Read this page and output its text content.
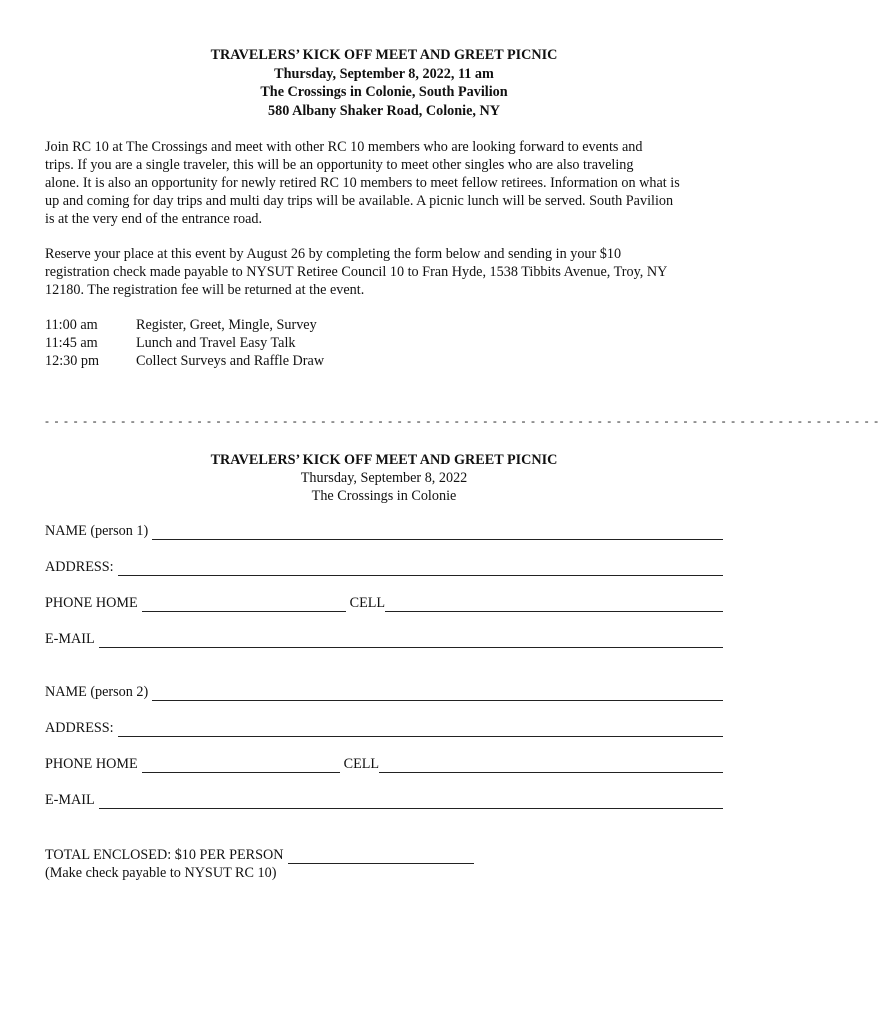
TRAVELERS’ KICK OFF MEET AND GREET PICNIC
Thursday, September 8, 2022, 11 am
The Crossings in Colonie, South Pavilion
580 Albany Shaker Road, Colonie, NY
Join RC 10 at The Crossings and meet with other RC 10 members who are looking forward to events and
trips. If you are a single traveler, this will be an opportunity to meet other singles who are also traveling
alone. It is also an opportunity for newly retired RC 10 members to meet fellow retirees. Information on what is
up and coming for day trips and multi day trips will be available. A picnic lunch will be served. South Pavilion
is at the very end of the entrance road.
Reserve your place at this event by August 26 by completing the form below and sending in your $10
registration check made payable to NYSUT Retiree Council 10 to Fran Hyde, 1538 Tibbits Avenue, Troy, NY
12180. The registration fee will be returned at the event.
11:00 am	Register, Greet, Mingle, Survey
11:45 am	Lunch and Travel Easy Talk
12:30 pm	Collect Surveys and Raffle Draw
- - - - - - - - - - - - - - - - - - - - - - - - - - - - - - - - - - - - - - - - - - - - - - - - - - - - - - - - - - - - - - - - - - - - - - - - - - - - - - - - - - - - - - - -
TRAVELERS’ KICK OFF MEET AND GREET PICNIC
Thursday, September 8, 2022
The Crossings in Colonie
NAME (person 1)
ADDRESS:
PHONE HOME	CELL
E-MAIL
NAME (person 2)
ADDRESS:
PHONE HOME	CELL
E-MAIL
TOTAL ENCLOSED: $10 PER PERSON
(Make check payable to NYSUT RC 10)
